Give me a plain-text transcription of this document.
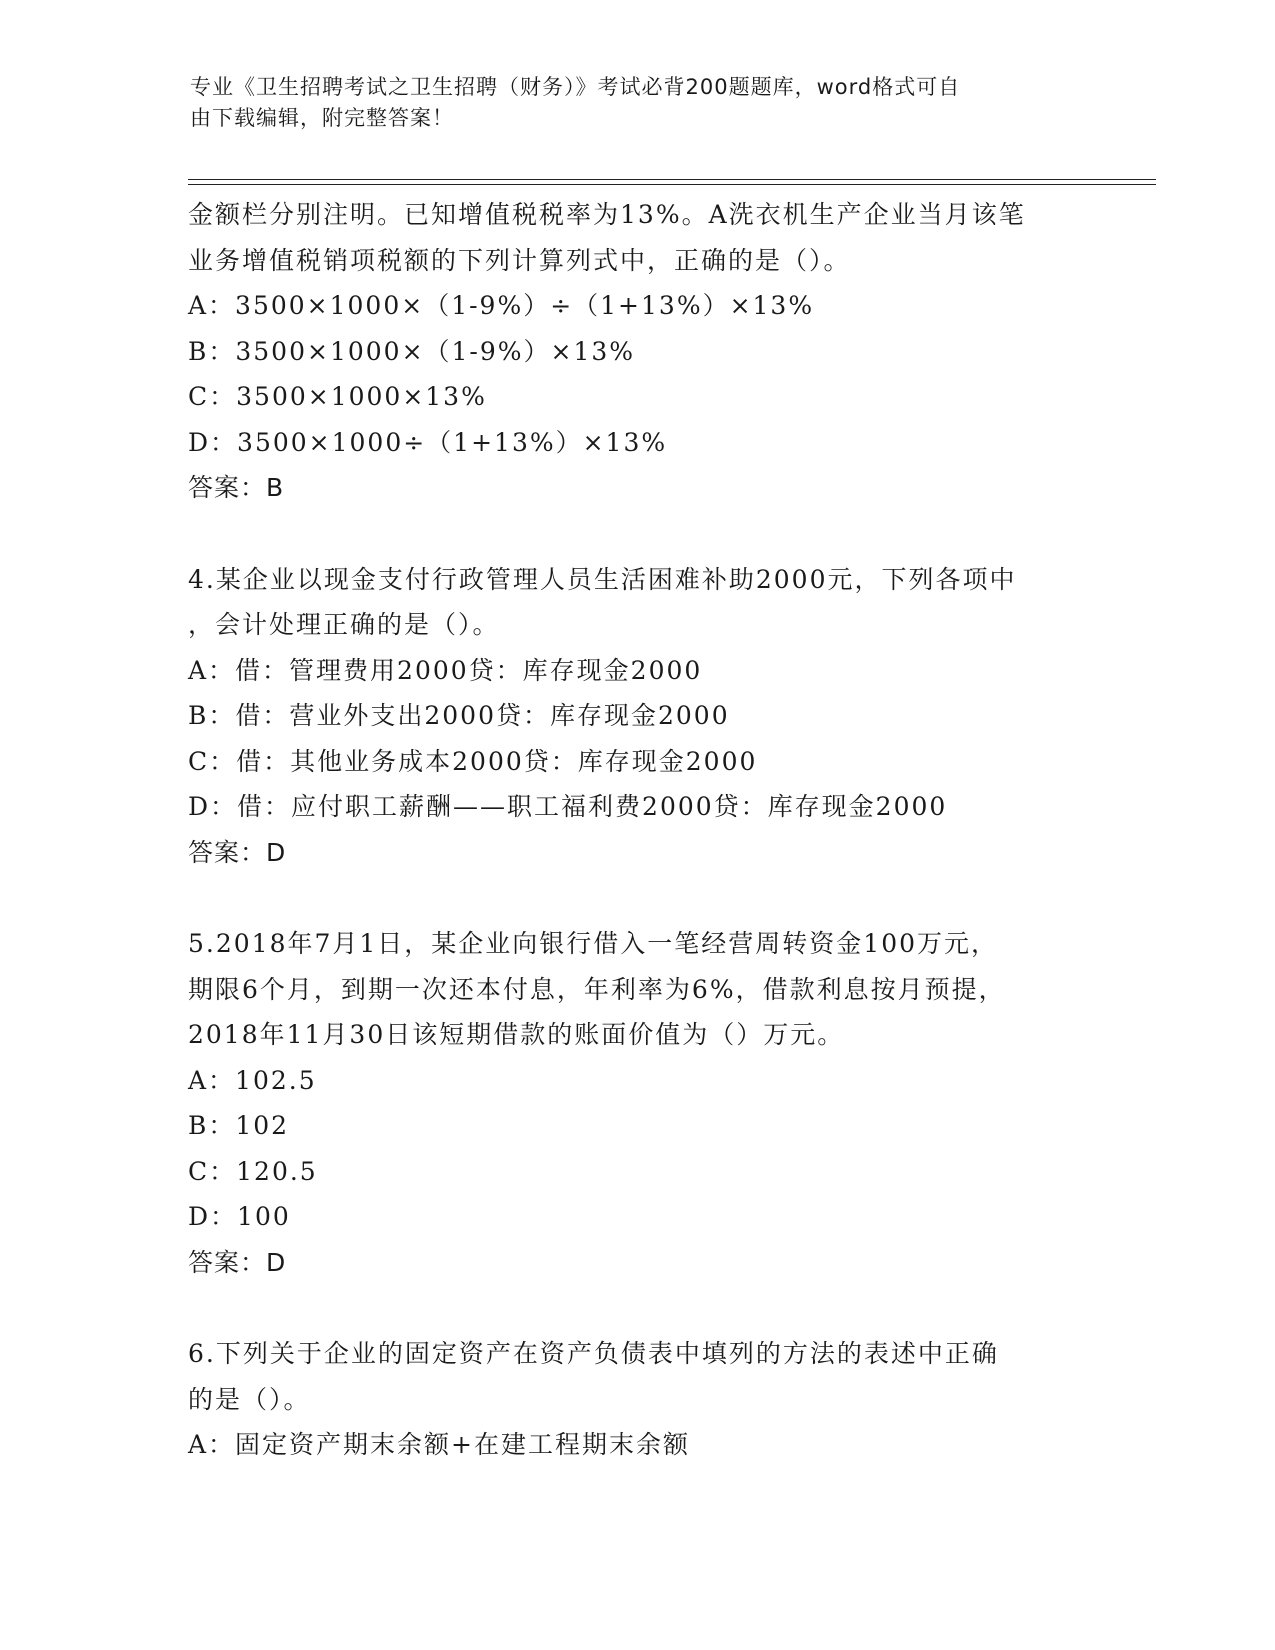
专业《卫生招聘考试之卫生招聘（财务）》考试必背200题题库，word格式可自
由下载编辑，附完整答案！
金额栏分别注明。已知增值税税率为13%。A洗衣机生产企业当月该笔
业务增值税销项税额的下列计算列式中，正确的是（）。
A：3500×1000×（1-9%）÷（1+13%）×13%
B：3500×1000×（1-9%）×13%
C：3500×1000×13%
D：3500×1000÷（1+13%）×13%
答案：B
4.某企业以现金支付行政管理人员生活困难补助2000元，下列各项中
，会计处理正确的是（）。
A：借：管理费用2000贷：库存现金2000
B：借：营业外支出2000贷：库存现金2000
C：借：其他业务成本2000贷：库存现金2000
D：借：应付职工薪酬——职工福利费2000贷：库存现金2000
答案：D
5.2018年7月1日，某企业向银行借入一笔经营周转资金100万元，
期限6个月，到期一次还本付息，年利率为6%，借款利息按月预提，
2018年11月30日该短期借款的账面价值为（）万元。
A：102.5
B：102
C：120.5
D：100
答案：D
6.下列关于企业的固定资产在资产负债表中填列的方法的表述中正确
的是（）。
A：固定资产期末余额+在建工程期末余额
